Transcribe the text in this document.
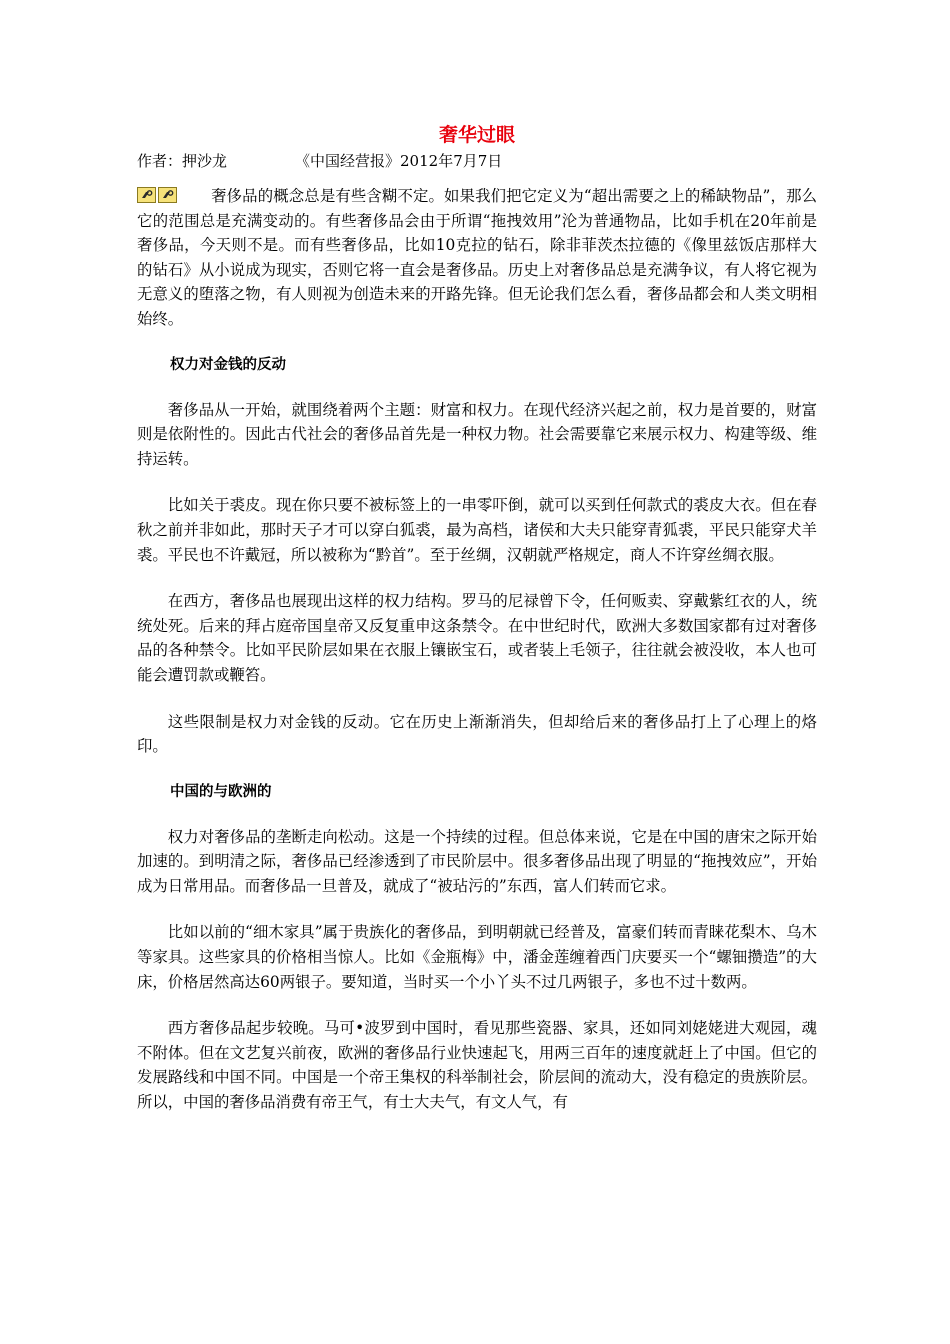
奢华过眼
作者：押沙龙	《中国经营报》2012年7月7日

奢侈品的概念总是有些含糊不定。如果我们把它定义为“超出需要之上的稀缺物品”，那么它的范围总是充满变动的。有些奢侈品会由于所谓“拖拽效用”沦为普通物品，比如手机在20年前是奢侈品，今天则不是。而有些奢侈品，比如10克拉的钻石，除非菲茨杰拉德的《像里兹饭店那样大的钻石》从小说成为现实，否则它将一直会是奢侈品。历史上对奢侈品总是充满争议，有人将它视为无意义的堕落之物，有人则视为创造未来的开路先锋。但无论我们怎么看，奢侈品都会和人类文明相始终。

权力对金钱的反动

奢侈品从一开始，就围绕着两个主题：财富和权力。在现代经济兴起之前，权力是首要的，财富则是依附性的。因此古代社会的奢侈品首先是一种权力物。社会需要靠它来展示权力、构建等级、维持运转。

比如关于裘皮。现在你只要不被标签上的一串零吓倒，就可以买到任何款式的裘皮大衣。但在春秋之前并非如此，那时天子才可以穿白狐裘，最为高档，诸侯和大夫只能穿青狐裘，平民只能穿犬羊裘。平民也不许戴冠，所以被称为“黔首”。至于丝绸，汉朝就严格规定，商人不许穿丝绸衣服。

在西方，奢侈品也展现出这样的权力结构。罗马的尼禄曾下令，任何贩卖、穿戴紫红衣的人，统统处死。后来的拜占庭帝国皇帝又反复重申这条禁令。在中世纪时代，欧洲大多数国家都有过对奢侈品的各种禁令。比如平民阶层如果在衣服上镶嵌宝石，或者装上毛领子，往往就会被没收，本人也可能会遭罚款或鞭笞。

这些限制是权力对金钱的反动。它在历史上渐渐消失，但却给后来的奢侈品打上了心理上的烙印。

中国的与欧洲的

权力对奢侈品的垄断走向松动。这是一个持续的过程。但总体来说，它是在中国的唐宋之际开始加速的。到明清之际，奢侈品已经渗透到了市民阶层中。很多奢侈品出现了明显的“拖拽效应”，开始成为日常用品。而奢侈品一旦普及，就成了“被玷污的”东西，富人们转而它求。

比如以前的“细木家具”属于贵族化的奢侈品，到明朝就已经普及，富豪们转而青睐花梨木、乌木等家具。这些家具的价格相当惊人。比如《金瓶梅》中，潘金莲缠着西门庆要买一个“螺钿攒造”的大床，价格居然高达60两银子。要知道，当时买一个小丫头不过几两银子，多也不过十数两。

西方奢侈品起步较晚。马可•波罗到中国时，看见那些瓷器、家具，还如同刘姥姥进大观园，魂不附体。但在文艺复兴前夜，欧洲的奢侈品行业快速起飞，用两三百年的速度就赶上了中国。但它的发展路线和中国不同。中国是一个帝王集权的科举制社会，阶层间的流动大，没有稳定的贵族阶层。所以，中国的奢侈品消费有帝王气，有士大夫气，有文人气，有
